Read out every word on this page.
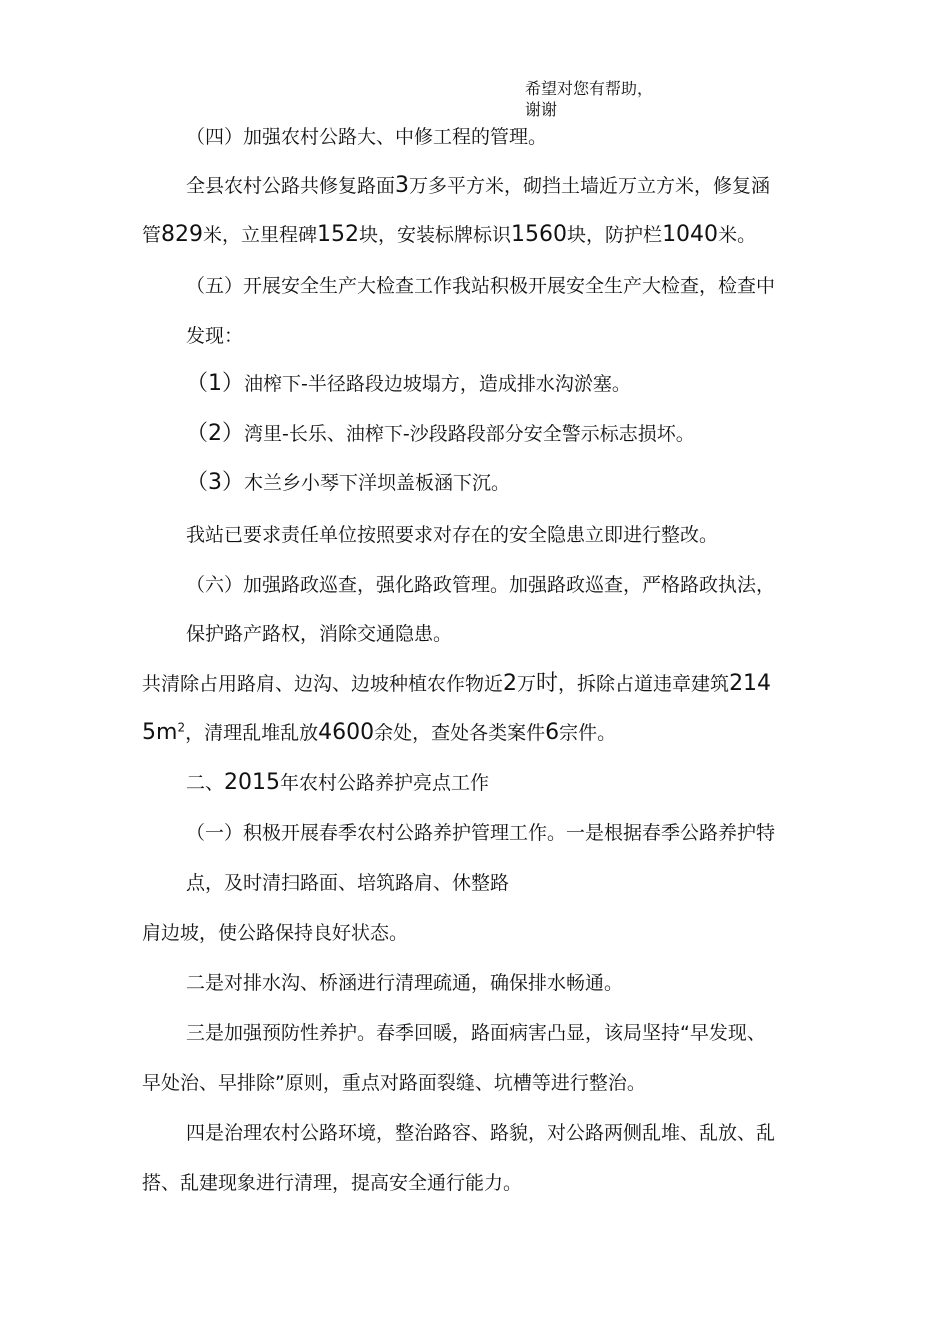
希望对您有帮助，
谢谢
（四）加强农村公路大、中修工程的管理。
全县农村公路共修复路面3万多平方米，砌挡土墙近万立方米，修复涵
管829米，立里程碑152块，安装标牌标识1560块，防护栏1040米。
（五）开展安全生产大检查工作我站积极开展安全生产大检查，检查中
发现：
（1）油榨下-半径路段边坡塌方，造成排水沟淤塞。
（2）湾里-长乐、油榨下-沙段路段部分安全警示标志损坏。
（3）木兰乡小琴下洋坝盖板涵下沉。
我站已要求责任单位按照要求对存在的安全隐患立即进行整改。
（六）加强路政巡查，强化路政管理。加强路政巡查，严格路政执法，
保护路产路权，消除交通隐患。
共清除占用路肩、边沟、边坡种植农作物近2万时，拆除占道违章建筑214
$5m^2$，清理乱堆乱放4600余处，查处各类案件6宗件。
二、2015年农村公路养护亮点工作
（一）积极开展春季农村公路养护管理工作。一是根据春季公路养护特
点，及时清扫路面、培筑路肩、休整路
肩边坡，使公路保持良好状态。
二是对排水沟、桥涵进行清理疏通，确保排水畅通。
三是加强预防性养护。春季回暖，路面病害凸显，该局坚持“早发现、
早处治、早排除”原则，重点对路面裂缝、坑槽等进行整治。
四是治理农村公路环境，整治路容、路貌，对公路两侧乱堆、乱放、乱
搭、乱建现象进行清理，提高安全通行能力。
